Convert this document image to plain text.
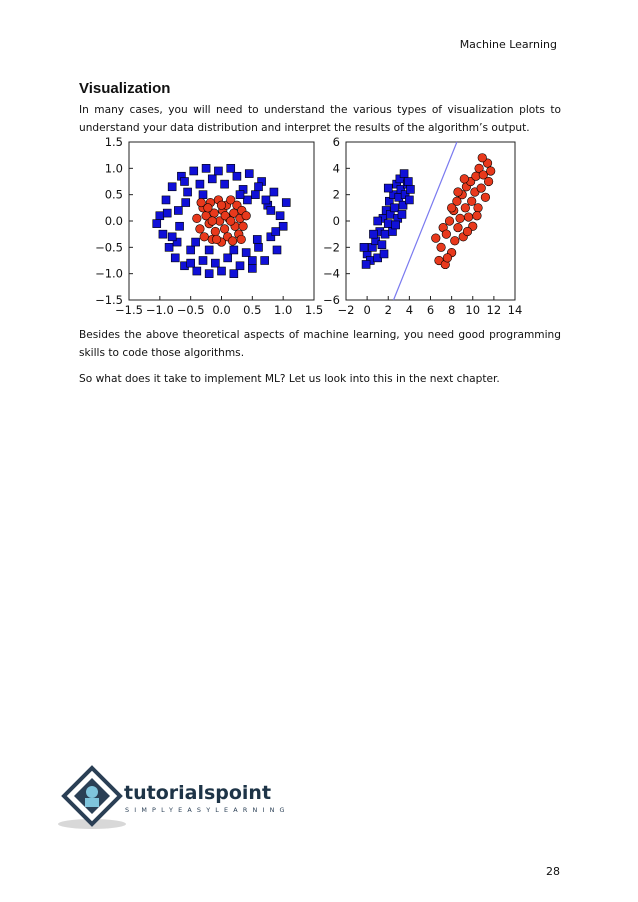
Machine Learning
Visualization

In many cases, you will need to understand the various types of visualization plots to understand your data distribution and interpret the results of the algorithm’s output.

−1.5 −1.0 −0.5 0.0 0.5 1.0 1.5
1.5
1.0
0.5
0.0
−0.5
−1.0
−1.5
−2 0 2 4 6 8 10 12 14
6
4
2
0
−2
−4
−6

Besides the above theoretical aspects of machine learning, you need good programming skills to code those algorithms.

So what does it take to implement ML? Let us look into this in the next chapter.

tutorialspoint
SIMPLYEASYLEARNING
28
